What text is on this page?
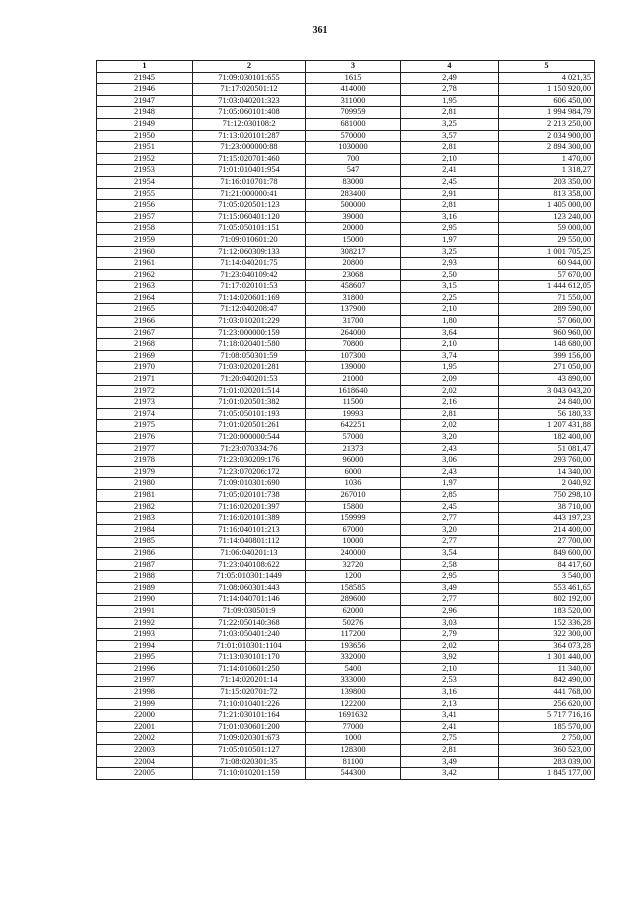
361
1	2	3	4	5
21945	71:09:030101:655	1615	2,49	4 021,35
21946	71:17:020501:12	414000	2,78	1 150 920,00
21947	71:03:040201:323	311000	1,95	606 450,00
21948	71:05:060101:408	709959	2,81	1 994 984,79
21949	71:12:030108:2	681000	3,25	2 213 250,00
21950	71:13:020101:287	570000	3,57	2 034 900,00
21951	71:23:000000:88	1030000	2,81	2 894 300,00
21952	71:15:020701:460	700	2,10	1 470,00
21953	71:01:010401:954	547	2,41	1 318,27
21954	71:16:010701:78	83000	2,45	203 350,00
21955	71:21:000000:41	283400	2,91	813 358,00
21956	71:05:020501:123	500000	2,81	1 405 000,00
21957	71:15:060401:120	39000	3,16	123 240,00
21958	71:05:050101:151	20000	2,95	59 000,00
21959	71:09:010601:20	15000	1,97	29 550,00
21960	71:12:060309:133	308217	3,25	1 001 705,25
21961	71:14:040201:75	20800	2,93	60 944,00
21962	71:23:040109:42	23068	2,50	57 670,00
21963	71:17:020101:53	458607	3,15	1 444 612,05
21964	71:14:020601:169	31800	2,25	71 550,00
21965	71:12:040208:47	137900	2,10	289 590,00
21966	71:03:010201:229	31700	1,80	57 060,00
21967	71:23:000000:159	264000	3,64	960 960,00
21968	71:18:020401:580	70800	2,10	148 680,00
21969	71:08:050301:59	107300	3,74	399 156,00
21970	71:03:020201:281	139000	1,95	271 050,00
21971	71:20:040201:53	21000	2,09	43 890,00
21972	71:01:020201:514	1618640	2,02	3 043 043,20
21973	71:01:020501:382	11500	2,16	24 840,00
21974	71:05:050101:193	19993	2,81	56 180,33
21975	71:01:020501:261	642251	2,02	1 207 431,88
21976	71:20:000000:544	57000	3,20	182 400,00
21977	71:23:070334:76	21373	2,43	51 081,47
21978	71:23:030209:176	96000	3,06	293 760,00
21979	71:23:070206:172	6000	2,43	14 340,00
21980	71:09:010301:690	1036	1,97	2 040,92
21981	71:05:020101:738	267010	2,85	750 298,10
21982	71:16:020201:397	15800	2,45	38 710,00
21983	71:16:020101:389	159999	2,77	443 197,23
21984	71:16:040101:213	67000	3,20	214 400,00
21985	71:14:040801:112	10000	2,77	27 700,00
21986	71:06:040201:13	240000	3,54	849 600,00
21987	71:23:040108:622	32720	2,58	84 417,60
21988	71:05:010301:1449	1200	2,95	3 540,00
21989	71:08:060301:443	158585	3,49	553 461,65
21990	71:14:040701:146	289600	2,77	802 192,00
21991	71:09:030501:9	62000	2,96	183 520,00
21992	71:22:050140:368	50276	3,03	152 336,28
21993	71:03:050401:240	117200	2,79	322 300,00
21994	71:01:010301:1104	193656	2,02	364 073,28
21995	71:13:030101:170	332000	3,92	1 301 440,00
21996	71:14:010601:250	5400	2,10	11 340,00
21997	71:14:020201:14	333000	2,53	842 490,00
21998	71:15:020701:72	139800	3,16	441 768,00
21999	71:10:010401:226	122200	2,13	256 620,00
22000	71:21:030101:164	1691632	3,41	5 717 716,16
22001	71:01:030601:200	77000	2,41	185 570,00
22002	71:09:020301:673	1000	2,75	2 750,00
22003	71:05:010501:127	128300	2,81	360 523,00
22004	71:08:020301:35	81100	3,49	283 039,00
22005	71:10:010201:159	544300	3,42	1 845 177,00
